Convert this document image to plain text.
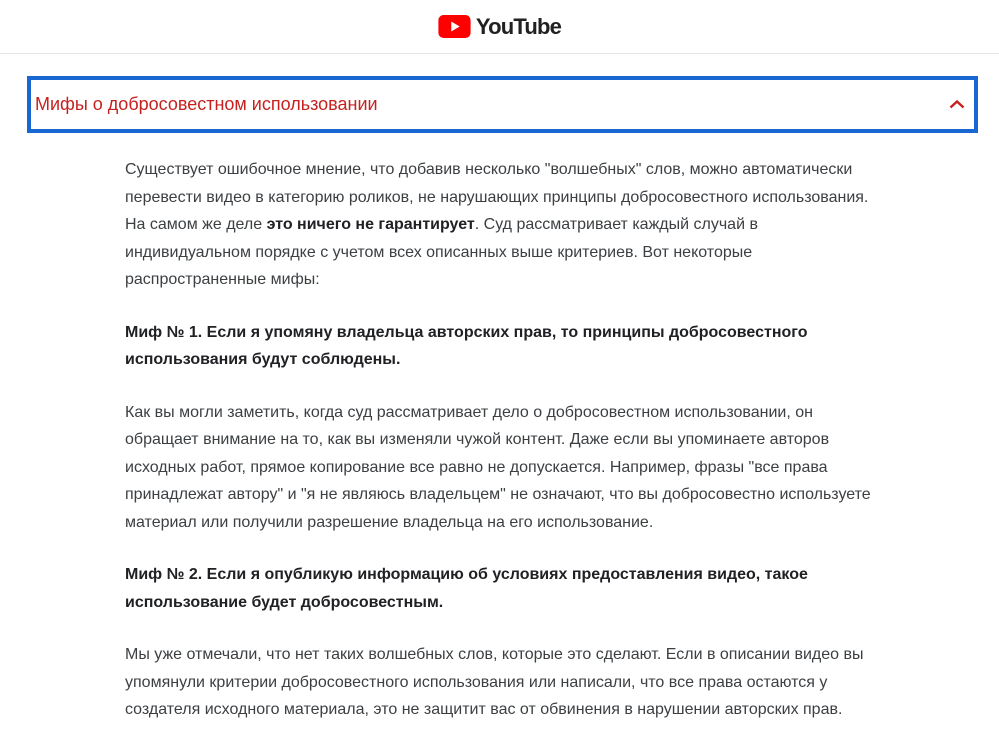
YouTube
Мифы о добросовестном использовании

Существует ошибочное мнение, что добавив несколько "волшебных" слов, можно автоматически перевести видео в категорию роликов, не нарушающих принципы добросовестного использования. На самом же деле это ничего не гарантирует. Суд рассматривает каждый случай в индивидуальном порядке с учетом всех описанных выше критериев. Вот некоторые распространенные мифы:

Миф № 1. Если я упомяну владельца авторских прав, то принципы добросовестного использования будут соблюдены.

Как вы могли заметить, когда суд рассматривает дело о добросовестном использовании, он обращает внимание на то, как вы изменяли чужой контент. Даже если вы упоминаете авторов исходных работ, прямое копирование все равно не допускается. Например, фразы "все права принадлежат автору" и "я не являюсь владельцем" не означают, что вы добросовестно используете материал или получили разрешение владельца на его использование.

Миф № 2. Если я опубликую информацию об условиях предоставления видео, такое использование будет добросовестным.

Мы уже отмечали, что нет таких волшебных слов, которые это сделают. Если в описании видео вы упомянули критерии добросовестного использования или написали, что все права остаются у создателя исходного материала, это не защитит вас от обвинения в нарушении авторских прав.
